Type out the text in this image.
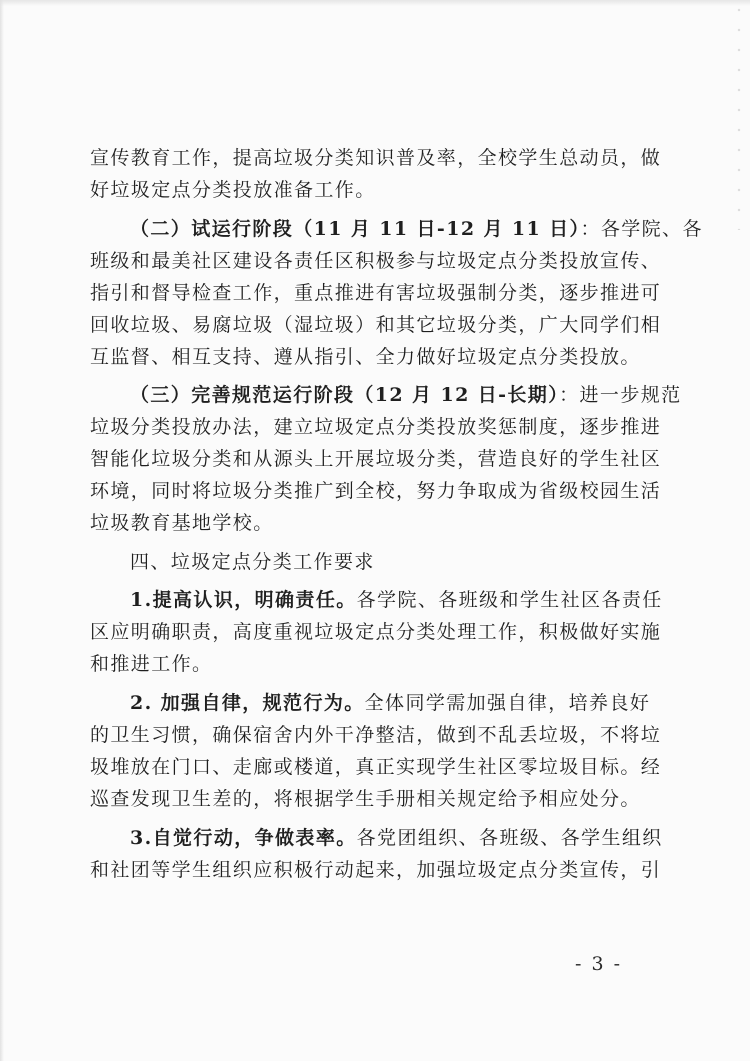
宣传教育工作，提高垃圾分类知识普及率，全校学生总动员，做
好垃圾定点分类投放准备工作。
（二）试运行阶段（11 月 11 日-12 月 11 日）：各学院、各
班级和最美社区建设各责任区积极参与垃圾定点分类投放宣传、
指引和督导检查工作，重点推进有害垃圾强制分类，逐步推进可
回收垃圾、易腐垃圾（湿垃圾）和其它垃圾分类，广大同学们相
互监督、相互支持、遵从指引、全力做好垃圾定点分类投放。
（三）完善规范运行阶段（12 月 12 日-长期）：进一步规范
垃圾分类投放办法，建立垃圾定点分类投放奖惩制度，逐步推进
智能化垃圾分类和从源头上开展垃圾分类，营造良好的学生社区
环境，同时将垃圾分类推广到全校，努力争取成为省级校园生活
垃圾教育基地学校。
四、垃圾定点分类工作要求
1.提高认识，明确责任。各学院、各班级和学生社区各责任
区应明确职责，高度重视垃圾定点分类处理工作，积极做好实施
和推进工作。
2. 加强自律，规范行为。全体同学需加强自律，培养良好
的卫生习惯，确保宿舍内外干净整洁，做到不乱丢垃圾，不将垃
圾堆放在门口、走廊或楼道，真正实现学生社区零垃圾目标。经
巡查发现卫生差的，将根据学生手册相关规定给予相应处分。
3.自觉行动，争做表率。各党团组织、各班级、各学生组织
和社团等学生组织应积极行动起来，加强垃圾定点分类宣传，引
- 3 -
